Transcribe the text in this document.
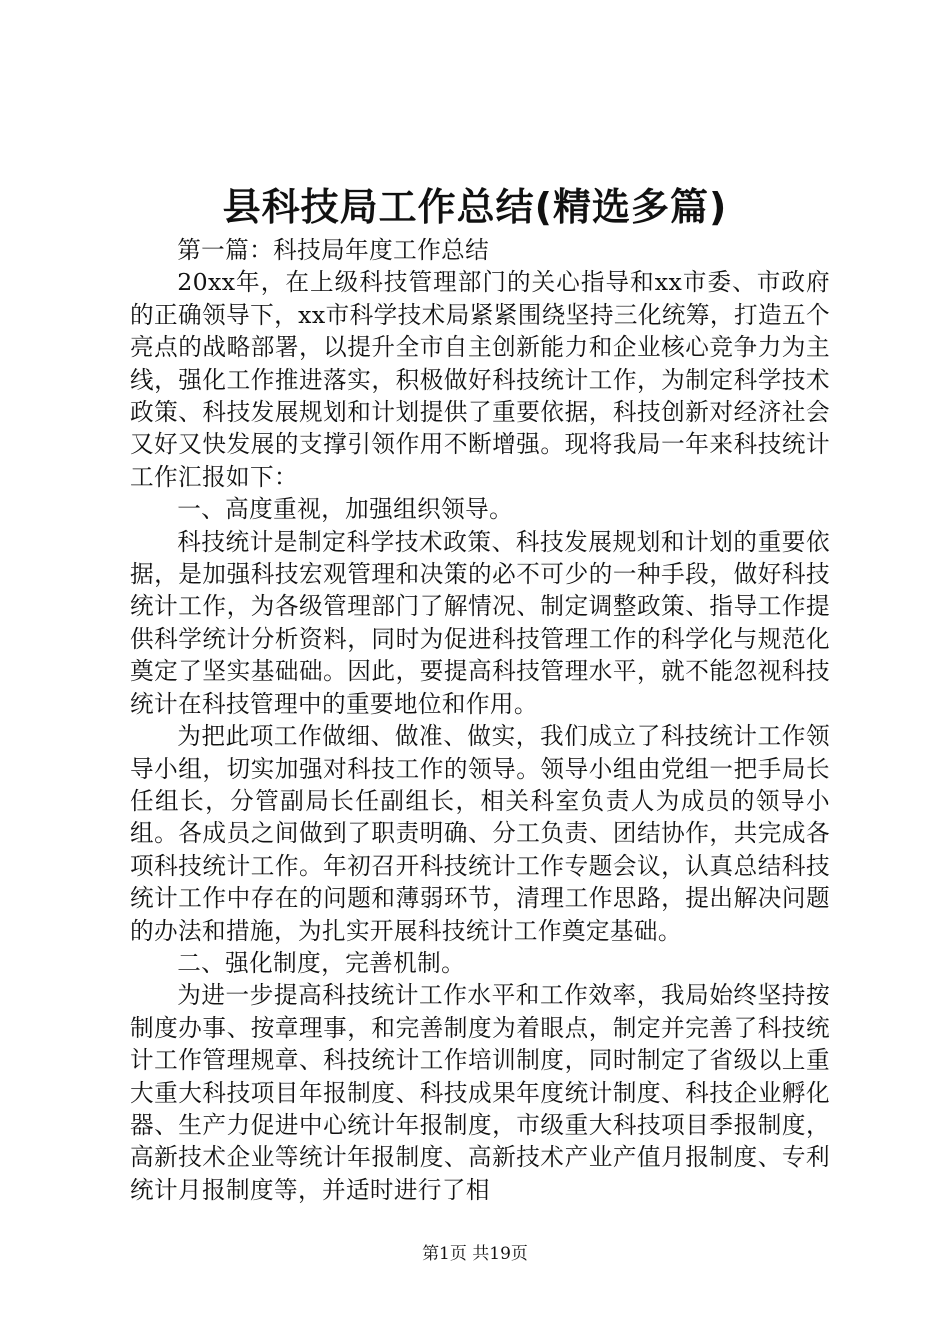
县科技局工作总结(精选多篇)

第一篇：科技局年度工作总结

20xx年，在上级科技管理部门的关心指导和xx市委、市政府的正确领导下，xx市科学技术局紧紧围绕坚持三化统筹，打造五个亮点的战略部署，以提升全市自主创新能力和企业核心竞争力为主线，强化工作推进落实，积极做好科技统计工作，为制定科学技术政策、科技发展规划和计划提供了重要依据，科技创新对经济社会又好又快发展的支撑引领作用不断增强。现将我局一年来科技统计工作汇报如下：

一、高度重视，加强组织领导。

科技统计是制定科学技术政策、科技发展规划和计划的重要依据，是加强科技宏观管理和决策的必不可少的一种手段，做好科技统计工作，为各级管理部门了解情况、制定调整政策、指导工作提供科学统计分析资料，同时为促进科技管理工作的科学化与规范化奠定了坚实基础础。因此，要提高科技管理水平，就不能忽视科技统计在科技管理中的重要地位和作用。

为把此项工作做细、做准、做实，我们成立了科技统计工作领导小组，切实加强对科技工作的领导。领导小组由党组一把手局长任组长，分管副局长任副组长，相关科室负责人为成员的领导小组。各成员之间做到了职责明确、分工负责、团结协作，共完成各项科技统计工作。年初召开科技统计工作专题会议，认真总结科技统计工作中存在的问题和薄弱环节，清理工作思路，提出解决问题的办法和措施，为扎实开展科技统计工作奠定基础。

二、强化制度，完善机制。

为进一步提高科技统计工作水平和工作效率，我局始终坚持按制度办事、按章理事，和完善制度为着眼点，制定并完善了科技统计工作管理规章、科技统计工作培训制度，同时制定了省级以上重大重大科技项目年报制度、科技成果年度统计制度、科技企业孵化器、生产力促进中心统计年报制度，市级重大科技项目季报制度，高新技术企业等统计年报制度、高新技术产业产值月报制度、专利统计月报制度等，并适时进行了相

第1页 共19页
